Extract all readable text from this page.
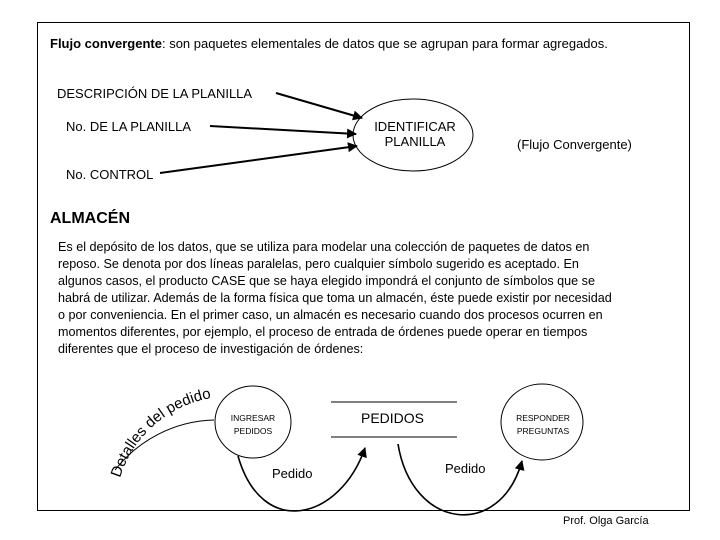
Flujo convergente: son paquetes elementales de datos que se agrupan para formar agregados.
DESCRIPCIÓN DE LA PLANILLA
No. DE LA PLANILLA
No. CONTROL
IDENTIFICAR PLANILLA	(Flujo Convergente)
ALMACÉN
Es el depósito de los datos, que se utiliza para modelar una colección de paquetes de datos en
reposo. Se denota por dos líneas paralelas, pero cualquier símbolo sugerido es aceptado. En
algunos casos, el producto CASE que se haya elegido impondrá el conjunto de símbolos que se
habrá de utilizar. Además de la forma física que toma un almacén, éste puede existir por necesidad
o por conveniencia. En el primer caso, un almacén es necesario cuando dos procesos ocurren en
momentos diferentes, por ejemplo, el proceso de entrada de órdenes puede operar en tiempos
diferentes que el proceso de investigación de órdenes:
Detalles del pedido
INGRESAR PEDIDOS
RESPONDER PREGUNTAS
PEDIDOS
Pedido	Pedido
Prof. Olga García
